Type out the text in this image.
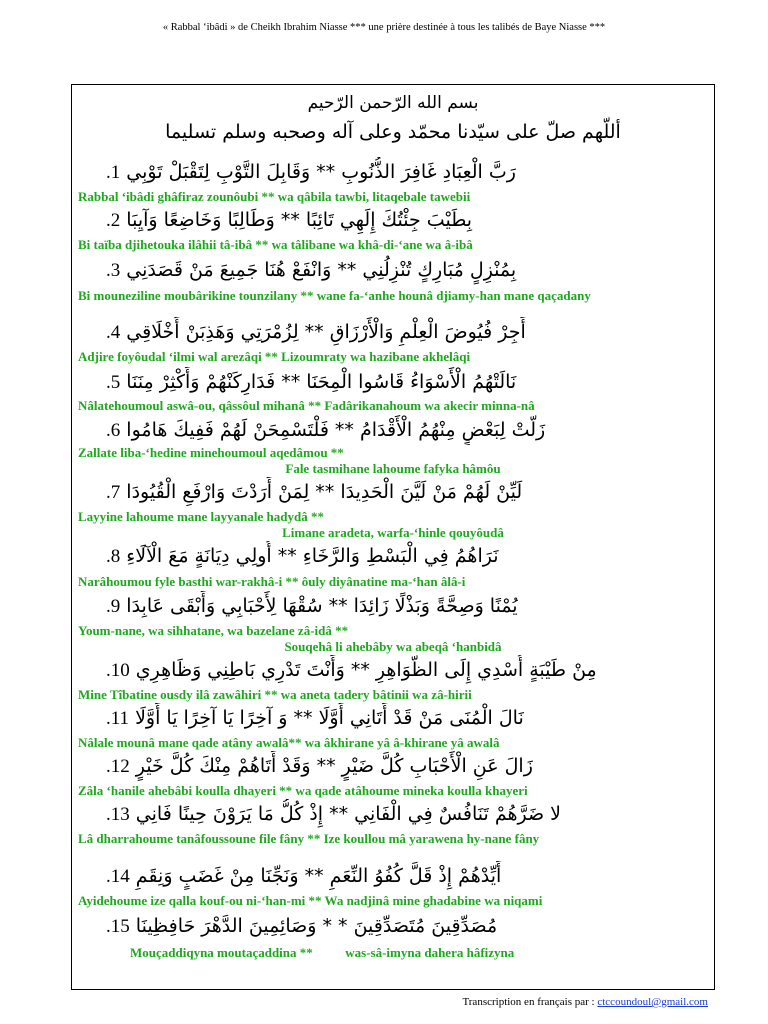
« Rabbal ‘ibâdi » de Cheikh Ibrahim Niasse *** une prière destinée à tous les talibés de Baye Niasse ***
بسم الله الرّحمن الرّحيم
أللّهم صلّ على سيّدنا محمّد وعلى آله وصحبه وسلم تسليما
رَبَّ الْعِبَادِ غَافِرَ الذُّنُوبِ ** وَقَابِلَ التَّوْبِ لِتَقْبَلْ تَوْبِي 1.
Rabbal ‘ibâdi ghâfiraz zounôubi ** wa qâbila tawbi, litaqebale tawebii
بِطَيْبَ جِئْتُكَ إِلَهِي تَائِبًا ** وَطَالِبًا وَخَاضِعًا وَآيِبَا 2.
Bi taïba djihetouka ilâhii tâ-ibâ ** wa tâlibane wa khâ-di-‘ane wa â-ibâ
بِمُنْزِلٍ مُبَارِكٍ تُنْزِلُنِي ** وَانْفَعْ هُنَا جَمِيعَ مَنْ قَصَدَنِي 3.
Bi mouneziline moubârikine tounzilany ** wane fa-‘anhe hounâ djiamy-han mane qaçadany
أَجِرْ فُيُوضَ الْعِلْمِ وَالْأَرْزَاقِ ** لِزُمْرَتِي وَهَذِبَنْ أَخْلَاقِي 4.
Adjire foyôudal ‘ilmi wal arezâqi ** Lizoumraty wa hazibane akhelâqi
نَالَتْهُمُ الْأَسْوَاءُ قَاسُوا الْمِحَنَا ** فَدَارِكَنْهُمْ وَأَكْثِرْ مِنَنَا 5.
Nâlatehoumoul aswâ-ou, qâssôul mihanâ ** Fadârikanahoum wa akecir minna-nâ
زَلَّتْ لِبَعْضٍ مِنْهُمُ الْأَقْدَامُ ** فَلْتَسْمِحَنْ لَهُمْ فَفِيكَ هَامُوا 6.
Zallate liba-‘hedine minehoumoul aqedâmou **
Fale tasmihane lahoume fafyka hâmôu
لَيِّنْ لَهُمْ مَنْ لَيَّنَ الْحَدِيدَا ** لِمَنْ أَرَدْتَ وَارْفَعِ الْقُيُودَا 7.
Layyine lahoume mane layyanale hadydâ **
Limane aradeta, warfa-‘hinle qouyôudâ
نَرَاهُمُ فِي الْبَسْطِ وَالرَّخَاءِ ** أُولِي دِيَانَةٍ مَعَ الْآلَاءِ 8.
Narâhoumou fyle basthi war-rakhâ-i ** ôuly diyânatine ma-‘han âlâ-i
يُمْنًا وَصِحَّةً وَبَذْلًا زَائِدَا ** سُقْهَا لِأَحْبَابِي وَأَبْقَى عَابِدَا 9.
Youm-nane, wa sihhatane, wa bazelane zâ-idâ **
Souqehâ li ahebâby wa abeqâ ‘hanbidâ
مِنْ طَيْبَةٍ أُسْدِي إِلَى الظَّوَاهِرِ ** وَأَنْتَ تَدْرِي بَاطِنِي وَظَاهِرِي 10.
Mine Tîbatine ousdy ilâ zawâhiri ** wa aneta tadery bâtinii wa zâ-hirii
نَالَ الْمُنَى مَنْ قَدْ أَتَانِي أَوَّلَا ** وَ آخِرًا يَا آخِرًا يَا أَوَّلَا 11.
Nâlale mounâ mane qade atâny awalâ** wa âkhirane yâ â-khirane yâ awalâ
زَالَ عَنِ الْأَحْبَابِ كُلَّ ضَيْرٍ ** وَقَدْ أَتَاهُمْ مِنْكَ كُلَّ خَيْرٍ 12.
Zâla ‘hanile ahebâbi koulla dhayeri ** wa qade atâhoume mineka koulla khayeri
لا ضَرَّهُمْ تَنَافُسٌ فِي الْفَانِي ** إِذْ كُلُّ مَا يَرَوْنَ حِينًا فَانِي 13.
Lâ dharrahoume tanâfoussoune file fâny ** Ize koullou mâ yarawena hy-nane fâny
أَيِّدْهُمْ إِذْ قَلَّ كُفُوُ النِّعَمِ ** وَنَجِّنَا مِنْ غَضَبٍ وَنِقَمِ 14.
Ayidehoume ize qalla kouf-ou ni-‘han-mi ** Wa nadjinâ mine ghadabine wa niqami
مُصَدِّقِينَ مُتَصَدِّقِينَ * * وَصَائِمِينَ الدَّهْرَ حَافِظِينَا 15.
Mouçaddiqyna moutaçaddina **	was-sâ-imyna dahera hâfizyna
Transcription en français par : ctccoundoul@gmail.com
